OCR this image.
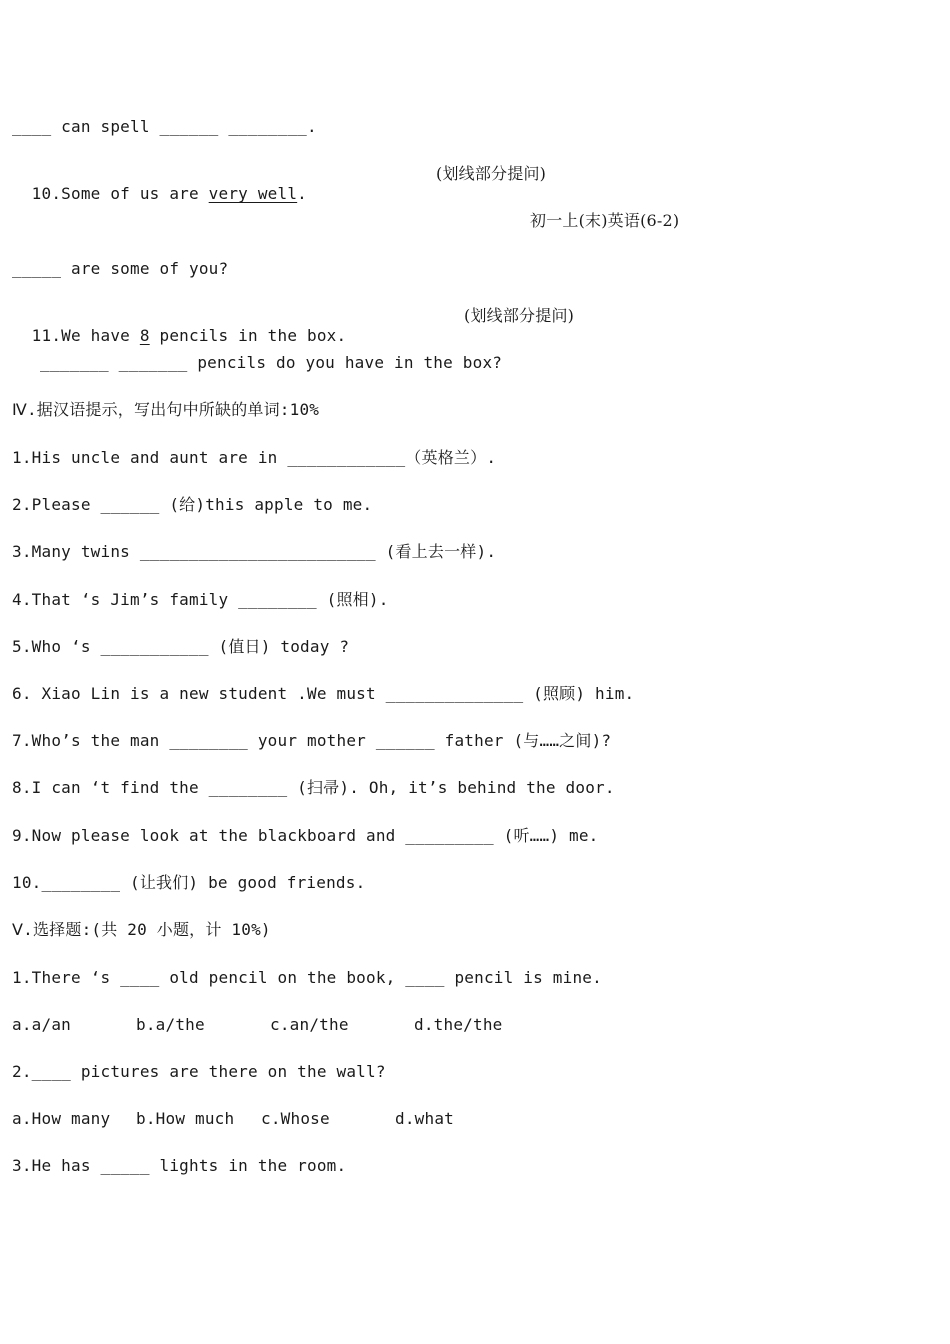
____ can spell ______ ________.

10.Some of us are very well.

(划线部分提问)
初一上(末)英语(6-2)
_____ are some of you?

11.We have 8 pencils in the box.

(划线部分提问)
_______ _______ pencils do you have in the box?
Ⅳ.据汉语提示，写出句中所缺的单词:10%
1.His uncle and aunt are in ____________（英格兰）.
2.Please ______ (给)this apple to me.
3.Many twins ________________________ (看上去一样).
4.That ‘s Jim’s family ________ (照相).
5.Who ‘s ___________ (值日) today ?
6. Xiao Lin is a new student .We must ______________ (照顾) him.
7.Who’s the man ________ your mother ______ father (与……之间)?
8.I can ‘t find the ________ (扫帚). Oh, it’s behind the door.
9.Now please look at the blackboard and _________ (听……) me.
10.________ (让我们) be good friends.
Ⅴ.选择题:(共 20 小题，计 10%)
1.There ‘s ____ old pencil on the book, ____ pencil is mine.
a.a/an	b.a/the	c.an/the	d.the/the
2.____ pictures are there on the wall?
a.How many b.How much c.Whose	d.what
3.He has _____ lights in the room.
